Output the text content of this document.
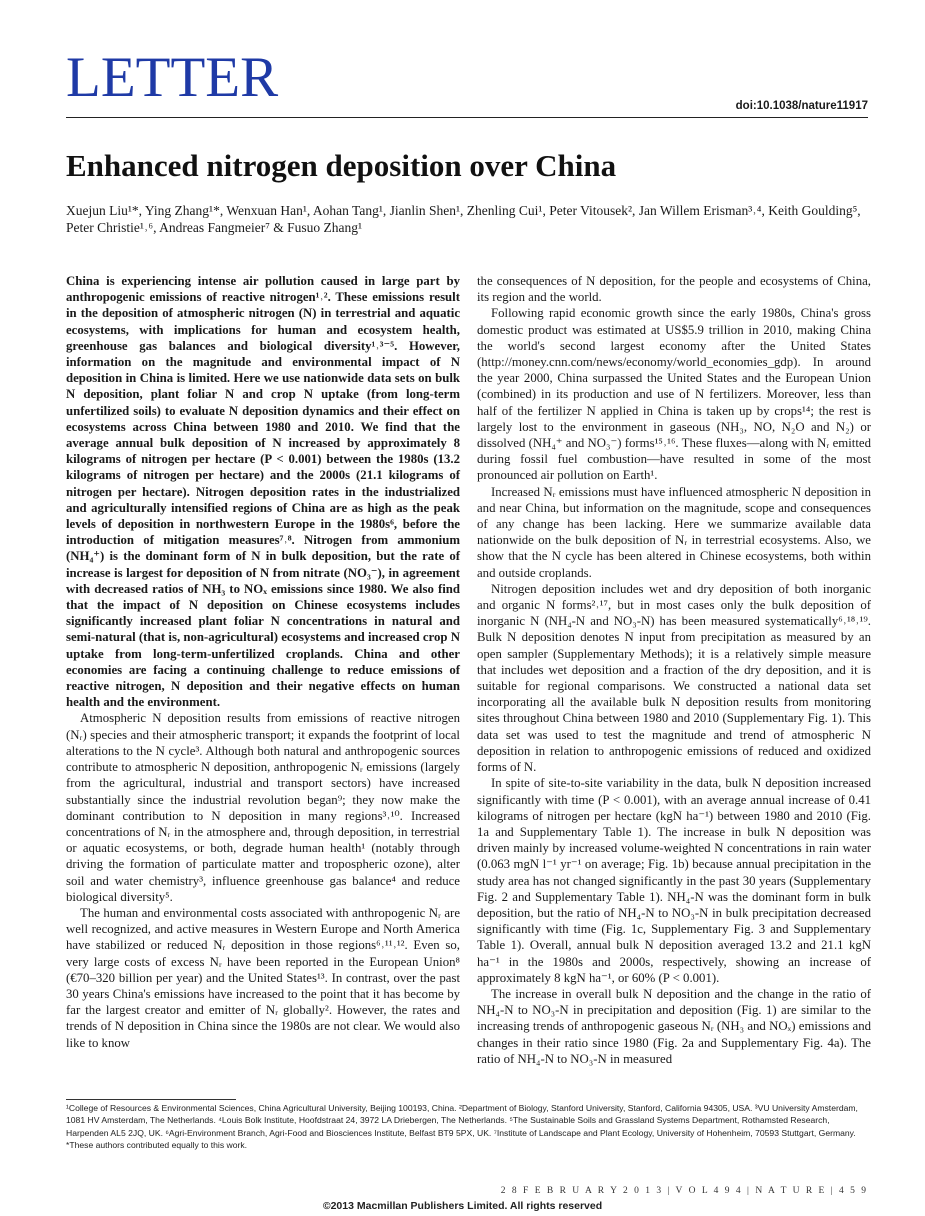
LETTER	doi:10.1038/nature11917
Enhanced nitrogen deposition over China
Xuejun Liu¹*, Ying Zhang¹*, Wenxuan Han¹, Aohan Tang¹, Jianlin Shen¹, Zhenling Cui¹, Peter Vitousek², Jan Willem Erisman³˒⁴, Keith Goulding⁵, Peter Christie¹˒⁶, Andreas Fangmeier⁷ & Fusuo Zhang¹

China is experiencing intense air pollution caused in large part by anthropogenic emissions of reactive nitrogen¹˒². These emissions result in the deposition of atmospheric nitrogen (N) in terrestrial and aquatic ecosystems, with implications for human and ecosystem health, greenhouse gas balances and biological diversity¹˒³⁻⁵. However, information on the magnitude and environmental impact of N deposition in China is limited. Here we use nationwide data sets on bulk N deposition, plant foliar N and crop N uptake (from long-term unfertilized soils) to evaluate N deposition dynamics and their effect on ecosystems across China between 1980 and 2010. We find that the average annual bulk deposition of N increased by approximately 8 kilograms of nitrogen per hectare (P < 0.001) between the 1980s (13.2 kilograms of nitrogen per hectare) and the 2000s (21.1 kilograms of nitrogen per hectare). Nitrogen deposition rates in the industrialized and agriculturally intensified regions of China are as high as the peak levels of deposition in northwestern Europe in the 1980s⁶, before the introduction of mitigation measures⁷˒⁸. Nitrogen from ammonium (NH₄⁺) is the dominant form of N in bulk deposition, but the rate of increase is largest for deposition of N from nitrate (NO₃⁻), in agreement with decreased ratios of NH₃ to NOₓ emissions since 1980. We also find that the impact of N deposition on Chinese ecosystems includes significantly increased plant foliar N concentrations in natural and semi-natural (that is, non-agricultural) ecosystems and increased crop N uptake from long-term-unfertilized croplands. China and other economies are facing a continuing challenge to reduce emissions of reactive nitrogen, N deposition and their negative effects on human health and the environment.

Atmospheric N deposition results from emissions of reactive nitrogen (Nᵣ) species and their atmospheric transport; it expands the footprint of local alterations to the N cycle³. Although both natural and anthropogenic sources contribute to atmospheric N deposition, anthropogenic Nᵣ emissions (largely from the agricultural, industrial and transport sectors) have increased substantially since the industrial revolution began⁹; they now make the dominant contribution to N deposition in many regions³˒¹⁰. Increased concentrations of Nᵣ in the atmosphere and, through deposition, in terrestrial or aquatic ecosystems, or both, degrade human health¹ (notably through driving the formation of particulate matter and tropospheric ozone), alter soil and water chemistry³, influence greenhouse gas balance⁴ and reduce biological diversity⁵.

The human and environmental costs associated with anthropogenic Nᵣ are well recognized, and active measures in Western Europe and North America have stabilized or reduced Nᵣ deposition in those regions⁶˒¹¹˒¹². Even so, very large costs of excess Nᵣ have been reported in the European Union⁸ (€70–320 billion per year) and the United States¹³. In contrast, over the past 30 years China's emissions have increased to the point that it has become by far the largest creator and emitter of Nᵣ globally². However, the rates and trends of N deposition in China since the 1980s are not clear. We would also like to know

the consequences of N deposition, for the people and ecosystems of China, its region and the world.

Following rapid economic growth since the early 1980s, China's gross domestic product was estimated at US$5.9 trillion in 2010, making China the world's second largest economy after the United States (http://money.cnn.com/news/economy/world_economies_gdp). In around the year 2000, China surpassed the United States and the European Union (combined) in its production and use of N fertilizers. Moreover, less than half of the fertilizer N applied in China is taken up by crops¹⁴; the rest is largely lost to the environment in gaseous (NH₃, NO, N₂O and N₂) or dissolved (NH₄⁺ and NO₃⁻) forms¹⁵˒¹⁶. These fluxes—along with Nᵣ emitted during fossil fuel combustion—have resulted in some of the most pronounced air pollution on Earth¹.

Increased Nᵣ emissions must have influenced atmospheric N deposition in and near China, but information on the magnitude, scope and consequences of any change has been lacking. Here we summarize available data nationwide on the bulk deposition of Nᵣ in terrestrial ecosystems. Also, we show that the N cycle has been altered in Chinese ecosystems, both within and outside croplands.

Nitrogen deposition includes wet and dry deposition of both inorganic and organic N forms²˒¹⁷, but in most cases only the bulk deposition of inorganic N (NH₄-N and NO₃-N) has been measured systematically⁶˒¹⁸˒¹⁹. Bulk N deposition denotes N input from precipitation as measured by an open sampler (Supplementary Methods); it is a relatively simple measure that includes wet deposition and a fraction of the dry deposition, and it is suitable for regional comparisons. We constructed a national data set incorporating all the available bulk N deposition results from monitoring sites throughout China between 1980 and 2010 (Supplementary Fig. 1). This data set was used to test the magnitude and trend of atmospheric N deposition in relation to anthropogenic emissions of reduced and oxidized forms of N.

In spite of site-to-site variability in the data, bulk N deposition increased significantly with time (P < 0.001), with an average annual increase of 0.41 kilograms of nitrogen per hectare (kgN ha⁻¹) between 1980 and 2010 (Fig. 1a and Supplementary Table 1). The increase in bulk N deposition was driven mainly by increased volume-weighted N concentrations in rain water (0.063 mgN l⁻¹ yr⁻¹ on average; Fig. 1b) because annual precipitation in the study area has not changed significantly in the past 30 years (Supplementary Fig. 2 and Supplementary Table 1). NH₄-N was the dominant form in bulk deposition, but the ratio of NH₄-N to NO₃-N in bulk precipitation decreased significantly with time (Fig. 1c, Supplementary Fig. 3 and Supplementary Table 1). Overall, annual bulk N deposition averaged 13.2 and 21.1 kgN ha⁻¹ in the 1980s and 2000s, respectively, showing an increase of approximately 8 kgN ha⁻¹, or 60% (P < 0.001).

The increase in overall bulk N deposition and the change in the ratio of NH₄-N to NO₃-N in precipitation and deposition (Fig. 1) are similar to the increasing trends of anthropogenic gaseous Nᵣ (NH₃ and NOₓ) emissions and changes in their ratio since 1980 (Fig. 2a and Supplementary Fig. 4a). The ratio of NH₄-N to NO₃-N in measured

¹College of Resources & Environmental Sciences, China Agricultural University, Beijing 100193, China. ²Department of Biology, Stanford University, Stanford, California 94305, USA. ³VU University Amsterdam, 1081 HV Amsterdam, The Netherlands. ⁴Louis Bolk Institute, Hoofdstraat 24, 3972 LA Driebergen, The Netherlands. ⁵The Sustainable Soils and Grassland Systems Department, Rothamsted Research, Harpenden AL5 2JQ, UK. ⁶Agri-Environment Branch, Agri-Food and Biosciences Institute, Belfast BT9 5PX, UK. ⁷Institute of Landscape and Plant Ecology, University of Hohenheim, 70593 Stuttgart, Germany.

*These authors contributed equally to this work.

2 8 F E B R U A R Y 2 0 1 3 | V O L 4 9 4 | N A T U R E | 4 5 9
©2013 Macmillan Publishers Limited. All rights reserved
